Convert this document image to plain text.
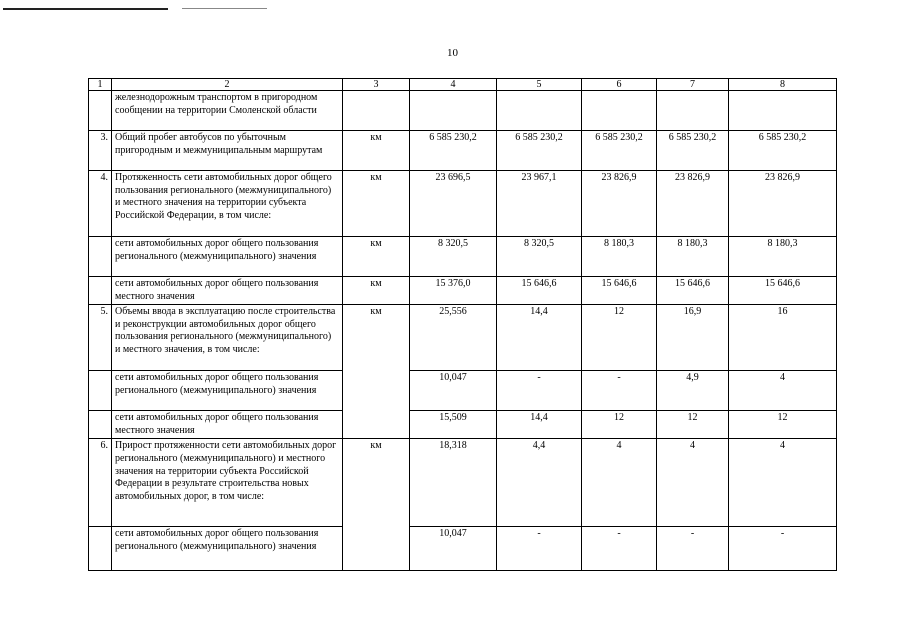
10
1	2	3	4	5	6	7	8
	железнодорожным транспортом в пригородном сообщении на территории Смоленской области						
3.	Общий пробег автобусов по убыточным пригородным и межмуниципальным маршрутам	км	6 585 230,2	6 585 230,2	6 585 230,2	6 585 230,2	6 585 230,2
4.	Протяженность сети автомобильных дорог общего пользования регионального (межмуниципального) и местного значения на территории субъекта Российской Федерации, в том числе:	км	23 696,5	23 967,1	23 826,9	23 826,9	23 826,9
	сети автомобильных дорог общего пользования регионального (межмуниципального) значения	км	8 320,5	8 320,5	8 180,3	8 180,3	8 180,3
	сети автомобильных дорог общего пользования местного значения	км	15 376,0	15 646,6	15 646,6	15 646,6	15 646,6
5.	Объемы ввода в эксплуатацию после строительства и реконструкции автомобильных дорог общего пользования регионального (межмуниципального) и местного значения, в том числе:	км	25,556	14,4	12	16,9	16
	сети автомобильных дорог общего пользования регионального (межмуниципального) значения		10,047	-	-	4,9	4
	сети автомобильных дорог общего пользования местного значения		15,509	14,4	12	12	12
6.	Прирост протяженности сети автомобильных дорог регионального (межмуниципального) и местного значения на территории субъекта Российской Федерации в результате строительства новых автомобильных дорог, в том числе:	км	18,318	4,4	4	4	4
	сети автомобильных дорог общего пользования регионального (межмуниципального) значения		10,047	-	-	-	-
